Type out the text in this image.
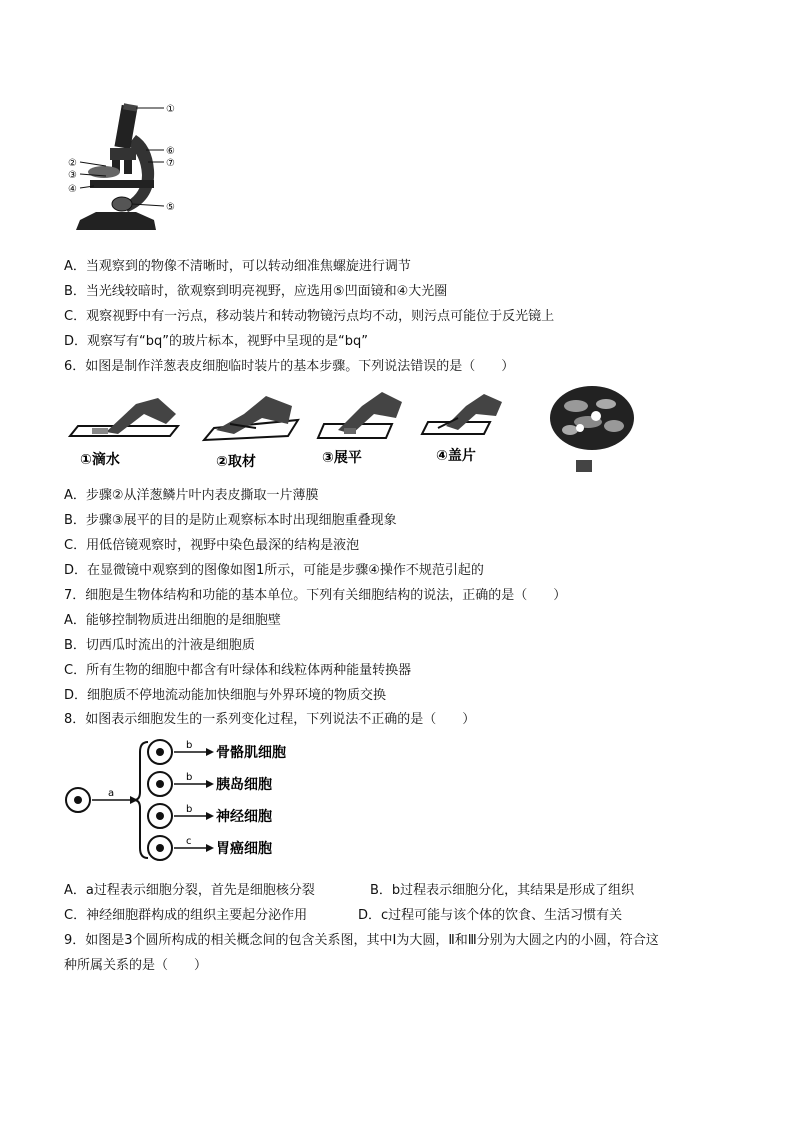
①
②
③
④
⑤
⑥
⑦
A．当观察到的物像不清晰时，可以转动细准焦螺旋进行调节
B．当光线较暗时，欲观察到明亮视野，应选用⑤凹面镜和④大光圈
C．观察视野中有一污点，移动装片和转动物镜污点均不动，则污点可能位于反光镜上
D．观察写有“bq”的玻片标本，视野中呈现的是“bq”
6．如图是制作洋葱表皮细胞临时装片的基本步骤。下列说法错误的是（　　）
①滴水	②取材	③展平	④盖片
A．步骤②从洋葱鳞片叶内表皮撕取一片薄膜
B．步骤③展平的目的是防止观察标本时出现细胞重叠现象
C．用低倍镜观察时，视野中染色最深的结构是液泡
D．在显微镜中观察到的图像如图1所示，可能是步骤④操作不规范引起的
7．细胞是生物体结构和功能的基本单位。下列有关细胞结构的说法，正确的是（　　）
A．能够控制物质进出细胞的是细胞壁
B．切西瓜时流出的汁液是细胞质
C．所有生物的细胞中都含有叶绿体和线粒体两种能量转换器
D．细胞质不停地流动能加快细胞与外界环境的物质交换
8．如图表示细胞发生的一系列变化过程，下列说法不正确的是（　　）
a
b 骨骼肌细胞
b 胰岛细胞
b 神经细胞
c 胃癌细胞
A．a过程表示细胞分裂，首先是细胞核分裂	B．b过程表示细胞分化，其结果是形成了组织
C．神经细胞群构成的组织主要起分泌作用	D．c过程可能与该个体的饮食、生活习惯有关
9．如图是3个圆所构成的相关概念间的包含关系图，其中Ⅰ为大圆，Ⅱ和Ⅲ分别为大圆之内的小圆，符合这
种所属关系的是（　　）
